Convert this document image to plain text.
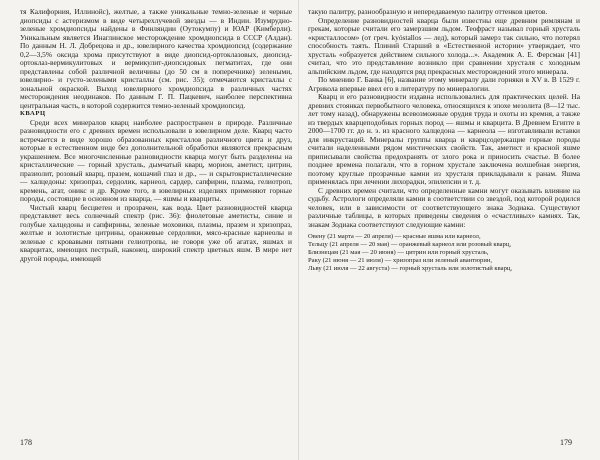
тя Калифорния, Иллинойс), желтые, а также уникальные темно-зеленые и черные диопсиды с астеризмом в виде четырехлучевой звезды — в Индии. Изумрудно-зеленые хромдиопсиды найдены в Финляндии (Оутокумпу) и ЮАР (Кимберли). Уникальным является Инаглинское месторождение хромдиопсида в СССР (Алдан). По данным Н. Л. Добрецова и др., ювелирного качества хромдиопсид (содержание 0,2—3,5% оксида хрома присутствуют в виде диопсид-ортоклазовых, диопсид-ортоклаз-вермикулитовых и вермикулит-диопсидовых пегматитах, где они представлены собой различной величины (до 50 см в поперечнике) зелеными, ювелирно- и густо-зелеными кристаллы (см. рис. 35); отмечаются кристаллы с зональной окраской. Выход ювелирного хромдиопсида в различных частях месторождения неодинаков. По данным Г. П. Пацкевич, наиболее перспективна центральная часть, в которой содержится темно-зеленый хромдиопсид.

КВАРЦ

Среди всех минералов кварц наиболее распространен в природе. Различные разновидности его с древних времен использовали в ювелирном деле. Кварц часто встречается в виде хорошо образованных кристаллов различного цвета и друз, которые в естественном виде без дополнительной обработки являются прекрасным украшением. Все многочисленные разновидности кварца могут быть разделены на кристаллические — горный хрусталь, дымчатый кварц, морион, аметист, цитрин, празиолит, розовый кварц, празем, кошачий глаз и др., — и скрытокристаллические — халцедоны: хризопраз, сердолик, карнеол, сардер, сапфирин, плазма, гелиотроп, кремень, агат, оникс и др. Кроме того, в ювелирных изделиях применяют горные породы, состоящие в основном из кварца, — яшмы и кварциты.

Чистый кварц бесцветен и прозрачен, как вода. Цвет разновидностей кварца представляет весь солнечный спектр (рис. 36): фиолетовые аметисты, синие и голубые халцедоны и сапфирины, зеленые моховики, плазмы, празем и хризопраз, желтые и золотистые цитрины, оранжевые сердолики, мясо-красные карнеолы и зеленые с кровавыми пятнами гелиотропы, не говоря уже об агатах, яшмах и кварцитах, имеющих пестрый, наконец, широкий спектр цветных яшм. В мире нет другой породы, имеющей

178

такую палитру, разнообразную и непередаваемую палитру оттенков цветов.

Определение разновидностей кварца были известны еще древним римлянам и грекам, которые считали его замерзшим льдом. Теофраст называл горный хрусталь «кристаллосом» (от греч. kyóstallos — лед), который замерз так сильно, что потерял способность таять. Плиний Старший в «Естественной истории» утверждает, что хрусталь «образуется действием сильного холода...». Академик А. Е. Ферсман [41] считал, что это представление возникло при сравнении хрусталя с холодным альпийским льдом, где находятся ряд прекрасных месторождений этого минерала.

По мнению Г. Банка [6], название этому минералу дали горняки в XV в. В 1529 г. Агрикола впервые ввел его в литературу по минералогии.

Кварц и его разновидности издавна использовались для практических целей. На древних стоянках первобытного человека, относящихся к эпохе мезолита (8—12 тыс. лет тому назад), обнаружены всевозможные орудия труда и охоты из кремня, а также из твердых кварцеподобных горных пород — яшмы и кварцита. В Древнем Египте в 2000—1700 гг. до н. э. из красного халцедона — карнеола — изготавливали вставки для инкрустаций. Минералы группы кварца и кварцсодержащие горные породы считали наделенными рядом мистических свойств. Так, аметист и красной яшме приписывали свойства предохранять от злого рока и приносить счастье. В более позднее времена полагали, что в горном хрустале заключена волшебная энергия, поэтому круглые прозрачные камни из хрусталя прикладывали к ранам. Яшма применялась при лечении лихорадки, эпилепсии и т. д.

С древних времен считали, что определенные камни могут оказывать влияние на судьбу. Астрологи определяли камни в соответствии со звездой, под которой родился человек, или в зависимости от соответствующего знака Зодиака. Существуют различные таблицы, в которых приведены сведения о «счастливых» камнях. Так, знакам Зодиака соответствуют следующие камни:

Овену (21 марта — 20 апреля) — красные яшма или карнеол,
Тельцу (21 апреля — 20 мая) — оранжевый карнеол или розовый кварц,
Близнецам (21 мая — 20 июня) — цитрин или горный хрусталь,
Раку (21 июня — 21 июля) — хризопраз или зеленый авантюрин,
Льву (21 июля — 22 августа) — горный хрусталь или золотистый кварц,
179
